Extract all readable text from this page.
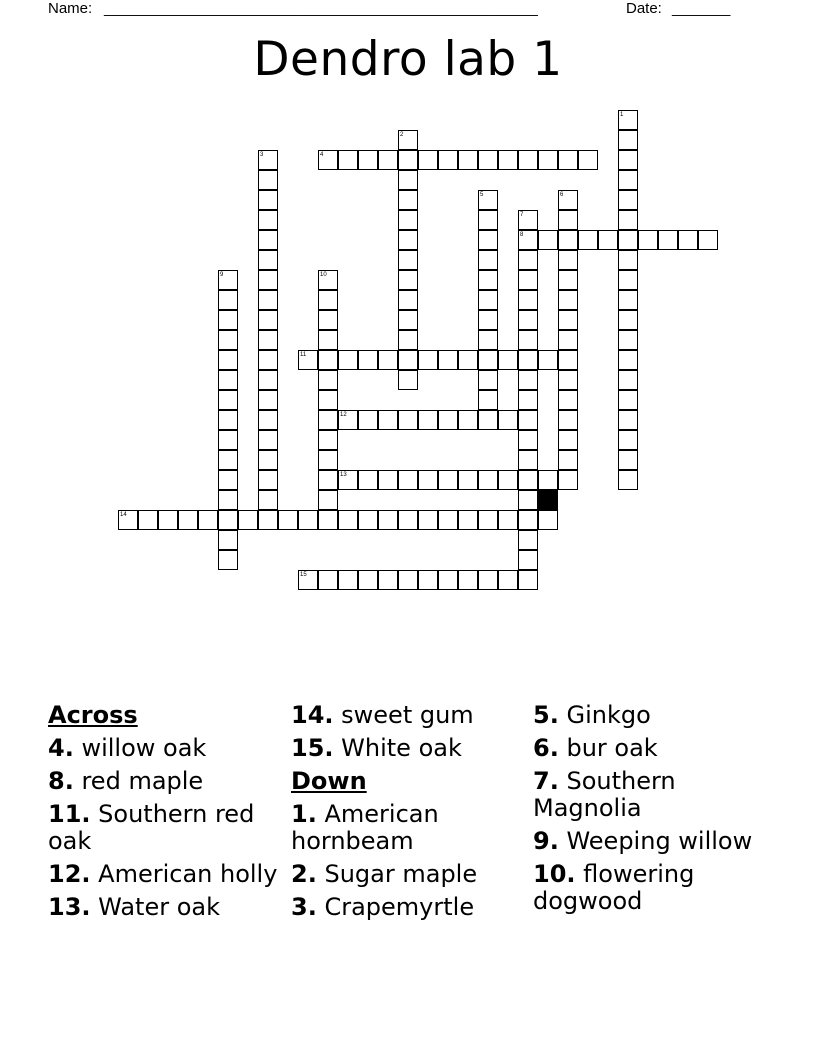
Name: ____________________________________________________	Date: _______
Dendro lab 1
1
2
3	4
5	6
7
8
9	10
11
12
13
14
15
Across
4. willow oak
8. red maple
11. Southern red oak
12. American holly
13. Water oak
14. sweet gum
15. White oak
Down
1. American hornbeam
2. Sugar maple
3. Crapemyrtle
5. Ginkgo
6. bur oak
7. Southern Magnolia
9. Weeping willow
10. flowering dogwood
